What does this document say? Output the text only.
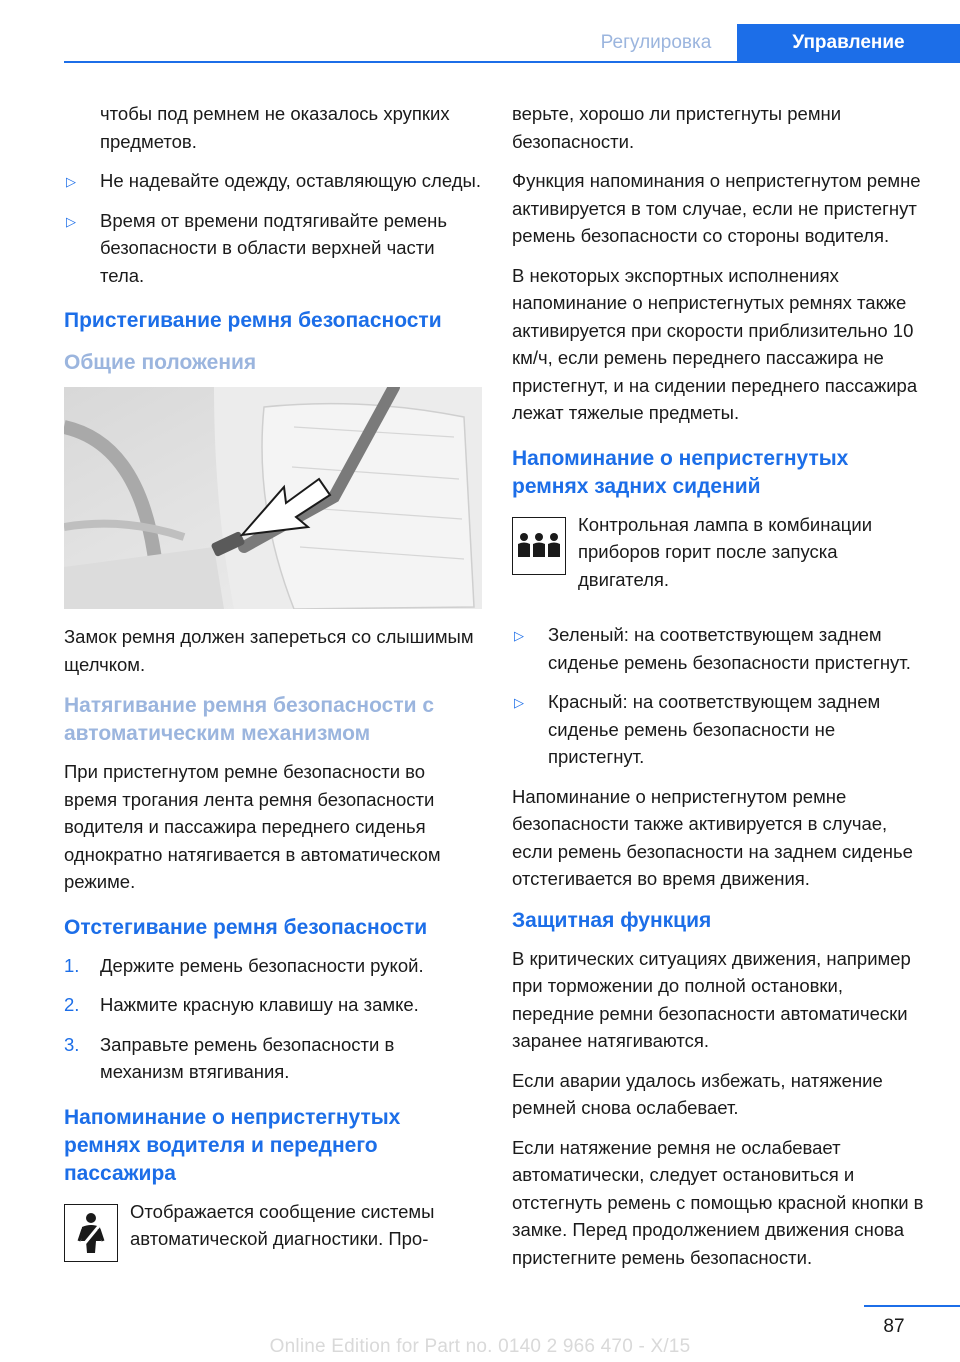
Регулировка	Управление

чтобы под ремнем не оказалось хрупких предметов.

▷ Не надевайте одежду, оставляющую следы.
▷ Время от времени подтягивайте ремень безопасности в области верхней части тела.
Пристегивание ремня безопасности
Общие положения

Замок ремня должен запереться со слышимым щелчком.

Натягивание ремня безопасности с автоматическим механизмом

При пристегнутом ремне безопасности во время трогания лента ремня безопасности водителя и пассажира переднего сиденья однократно натягивается в автоматическом режиме.

Отстегивание ремня безопасности
1. Держите ремень безопасности рукой.
2. Нажмите красную клавишу на замке.
3. Заправьте ремень безопасности в механизм втягивания.
Напоминание о непристегнутых ремнях водителя и переднего пассажира

Отображается сообщение системы автоматической диагностики. Про-

верьте, хорошо ли пристегнуты ремни безопасности.

Функция напоминания о непристегнутом ремне активируется в том случае, если не пристегнут ремень безопасности со стороны водителя.

В некоторых экспортных исполнениях напоминание о непристегнутых ремнях также активируется при скорости приблизительно 10 км/ч, если ремень переднего пассажира не пристегнут, и на сидении переднего пассажира лежат тяжелые предметы.

Напоминание о непристегнутых ремнях задних сидений

Контрольная лампа в комбинации приборов горит после запуска двигателя.

▷ Зеленый: на соответствующем заднем сиденье ремень безопасности пристегнут.
▷ Красный: на соответствующем заднем сиденье ремень безопасности не пристегнут.

Напоминание о непристегнутом ремне безопасности также активируется в случае, если ремень безопасности на заднем сиденье отстегивается во время движения.

Защитная функция

В критических ситуациях движения, например при торможении до полной остановки, передние ремни безопасности автоматически заранее натягиваются.

Если аварии удалось избежать, натяжение ремней снова ослабевает.

Если натяжение ремня не ослабевает автоматически, следует остановиться и отстегнуть ремень с помощью красной кнопки в замке. Перед продолжением движения снова пристегните ремень безопасности.

87
Online Edition for Part no. 0140 2 966 470 - X/15
